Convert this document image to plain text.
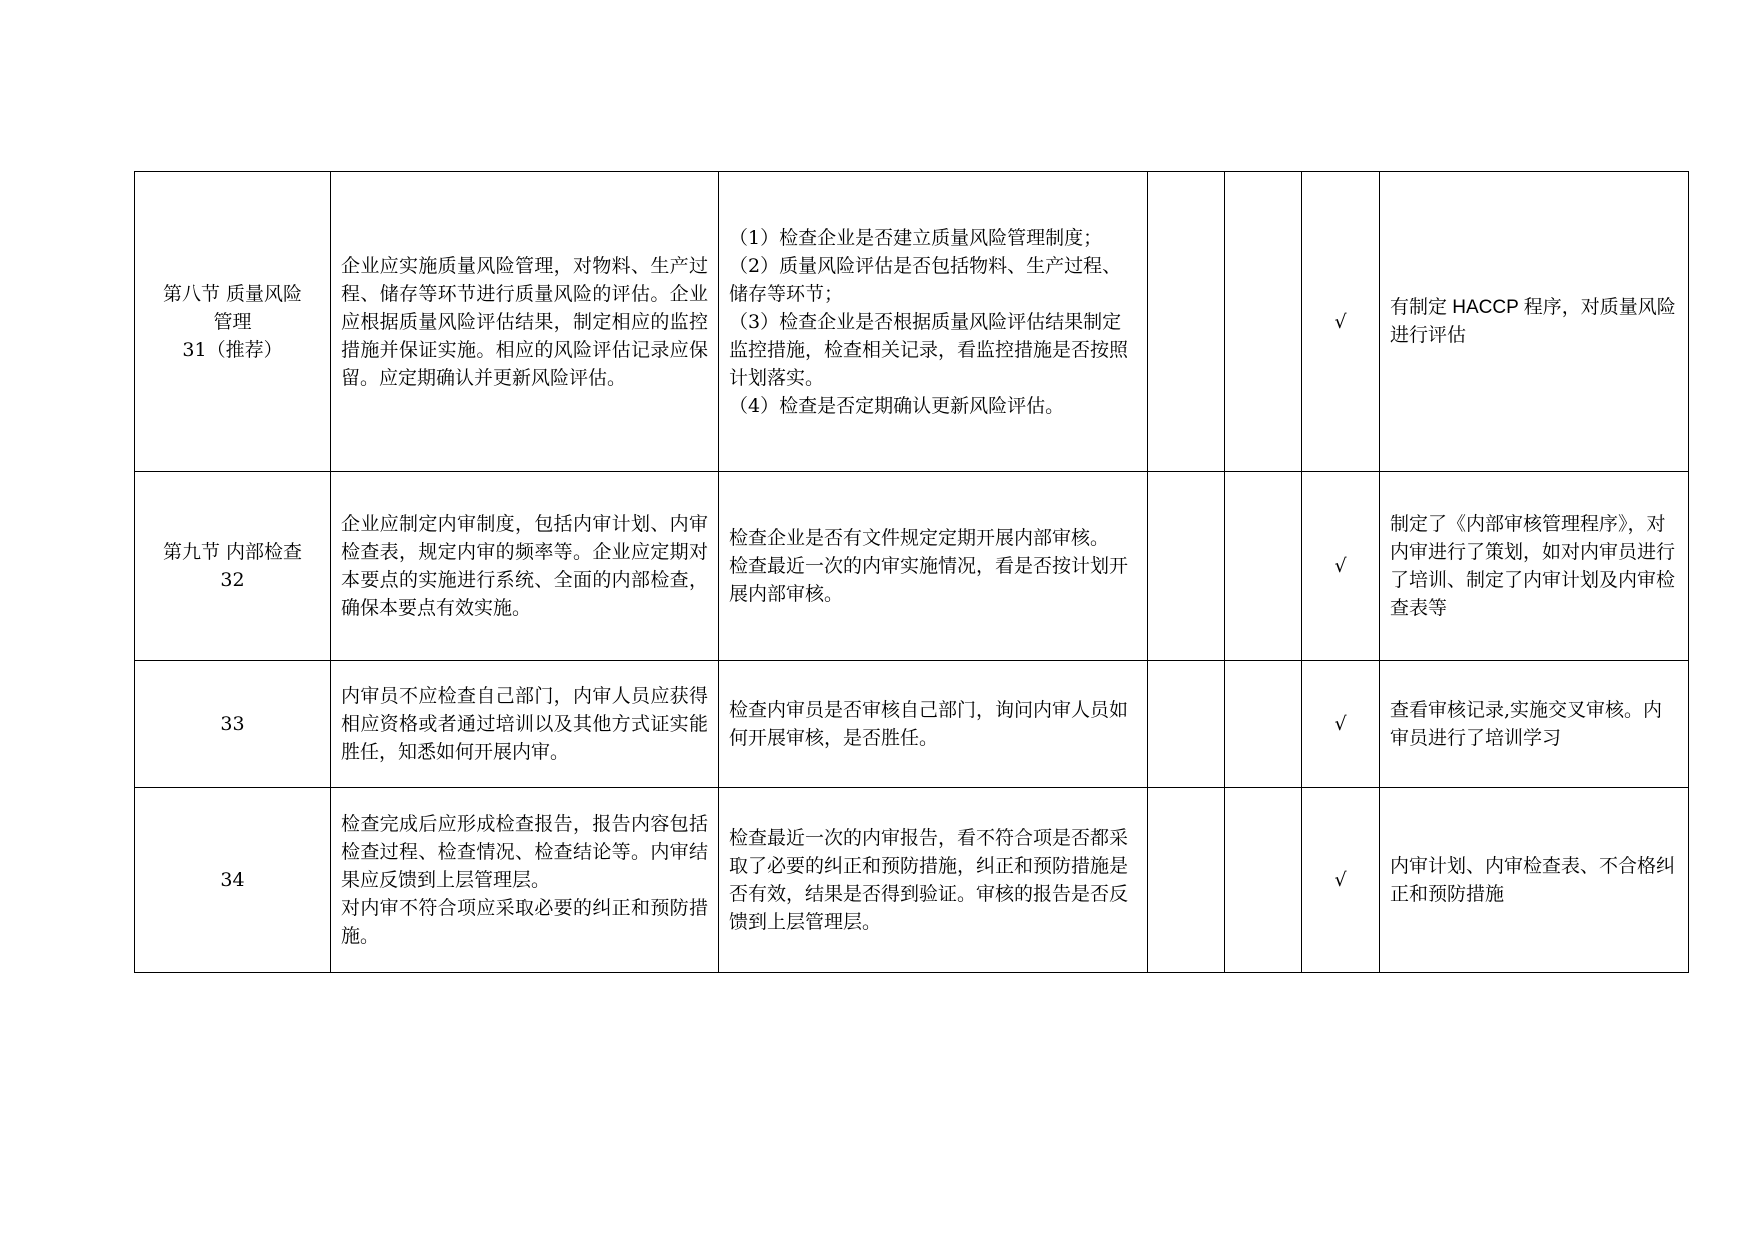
第八节 质量风险
管理
31（推荐）	企业应实施质量风险管理，对物料、生产过程、储存等环节进行质量风险的评估。企业应根据质量风险评估结果，制定相应的监控措施并保证实施。相应的风险评估记录应保留。应定期确认并更新风险评估。	（1）检查企业是否建立质量风险管理制度；
（2）质量风险评估是否包括物料、生产过程、储存等环节；
（3）检查企业是否根据质量风险评估结果制定监控措施，检查相关记录，看监控措施是否按照计划落实。
（4）检查是否定期确认更新风险评估。			√	有制定 HACCP 程序，对质量风险进行评估

第九节 内部检查
32	企业应制定内审制度，包括内审计划、内审检查表，规定内审的频率等。企业应定期对本要点的实施进行系统、全面的内部检查，确保本要点有效实施。	检查企业是否有文件规定定期开展内部审核。
检查最近一次的内审实施情况，看是否按计划开展内部审核。			√	制定了《内部审核管理程序》，对内审进行了策划，如对内审员进行了培训、制定了内审计划及内审检查表等

33	内审员不应检查自己部门，内审人员应获得相应资格或者通过培训以及其他方式证实能胜任，知悉如何开展内审。	检查内审员是否审核自己部门，询问内审人员如何开展审核，是否胜任。			√	查看审核记录,实施交叉审核。内审员进行了培训学习

34	检查完成后应形成检查报告，报告内容包括检查过程、检查情况、检查结论等。内审结果应反馈到上层管理层。
对内审不符合项应采取必要的纠正和预防措施。	检查最近一次的内审报告，看不符合项是否都采取了必要的纠正和预防措施，纠正和预防措施是否有效，结果是否得到验证。审核的报告是否反馈到上层管理层。			√	内审计划、内审检查表、不合格纠正和预防措施
